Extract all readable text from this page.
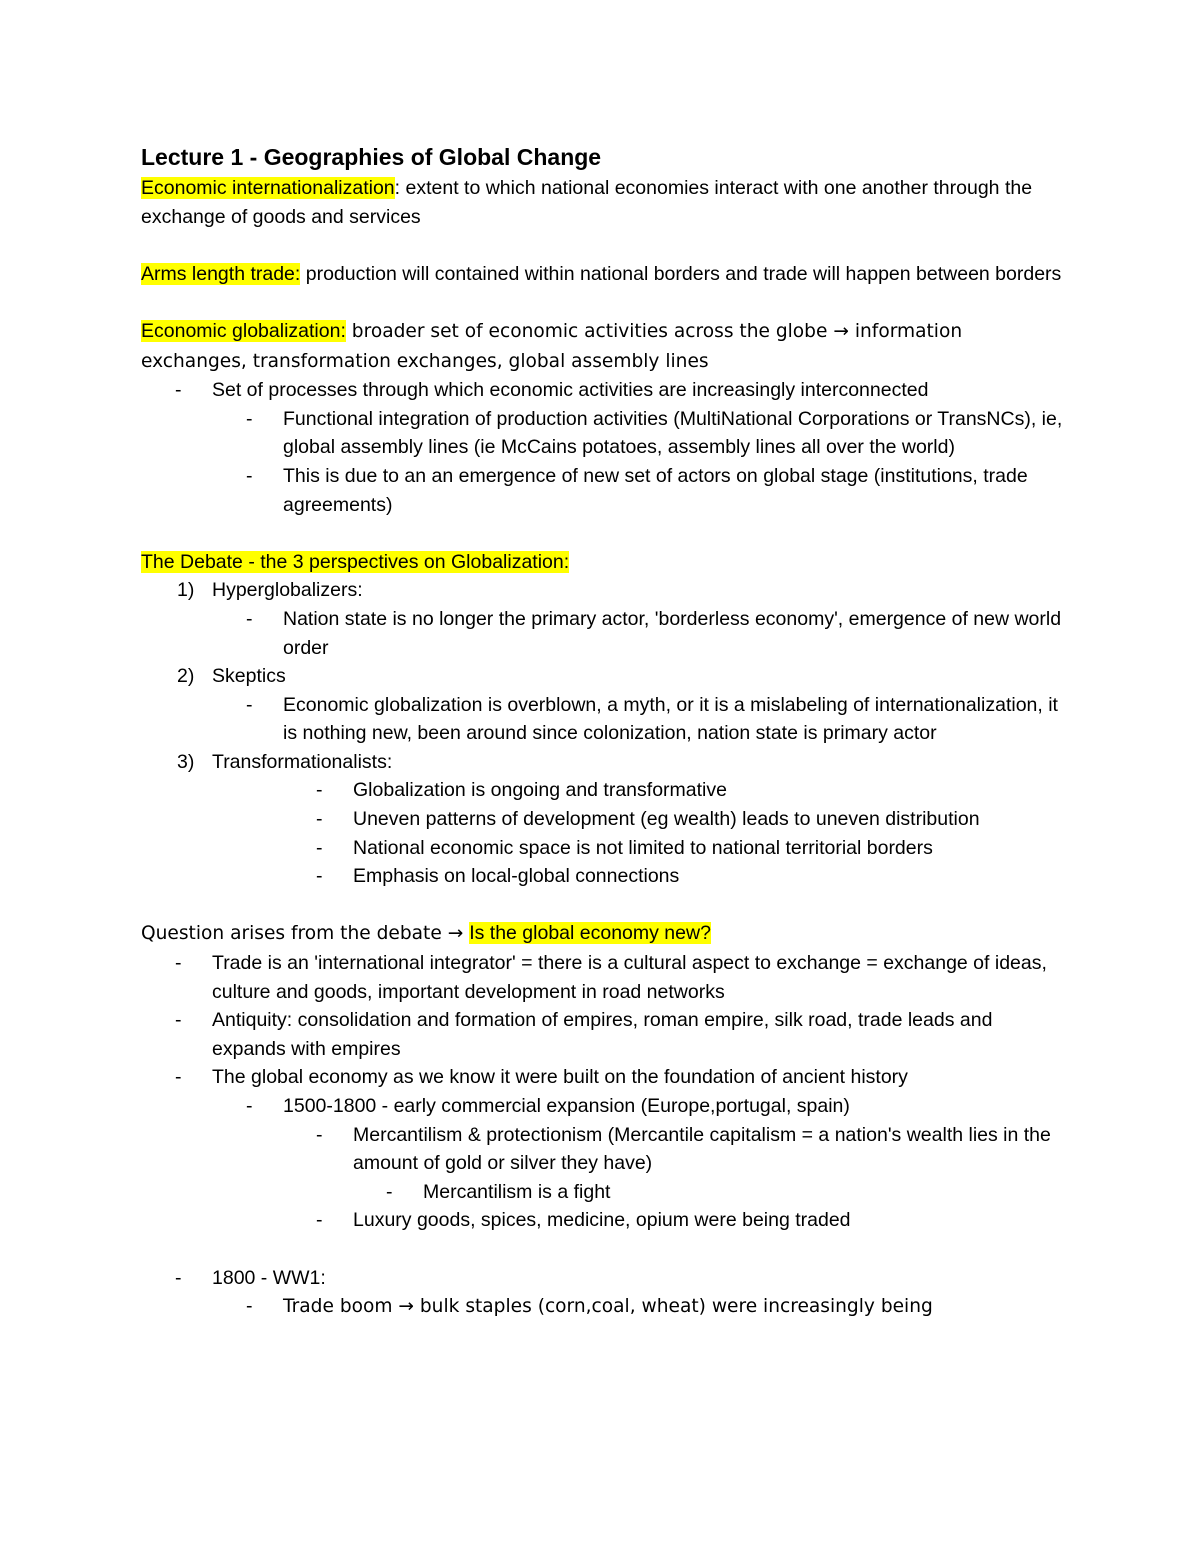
Lecture 1 - Geographies of Global Change

Economic internationalization: extent to which national economies interact with one another through the exchange of goods and services

Arms length trade: production will contained within national borders and trade will happen between borders

Economic globalization: broader set of economic activities across the globe → information exchanges, transformation exchanges, global assembly lines

- Set of processes through which economic activities are increasingly interconnected
- Functional integration of production activities (MultiNational Corporations or TransNCs), ie, global assembly lines (ie McCains potatoes, assembly lines all over the world)
- This is due to an an emergence of new set of actors on global stage (institutions, trade agreements)

The Debate - the 3 perspectives on Globalization:

1) Hyperglobalizers:
- Nation state is no longer the primary actor, 'borderless economy', emergence of new world order
2) Skeptics
- Economic globalization is overblown, a myth, or it is a mislabeling of internationalization, it is nothing new, been around since colonization, nation state is primary actor
3) Transformationalists:
- Globalization is ongoing and transformative
- Uneven patterns of development (eg wealth) leads to uneven distribution
- National economic space is not limited to national territorial borders
- Emphasis on local-global connections

Question arises from the debate → Is the global economy new?

- Trade is an 'international integrator' = there is a cultural aspect to exchange = exchange of ideas, culture and goods, important development in road networks
- Antiquity: consolidation and formation of empires, roman empire, silk road, trade leads and expands with empires
- The global economy as we know it were built on the foundation of ancient history
- 1500-1800 - early commercial expansion (Europe,portugal, spain)
- Mercantilism & protectionism (Mercantile capitalism = a nation's wealth lies in the amount of gold or silver they have)
- Mercantilism is a fight
- Luxury goods, spices, medicine, opium were being traded
- 1800 - WW1:
- Trade boom → bulk staples (corn,coal, wheat) were increasingly being
